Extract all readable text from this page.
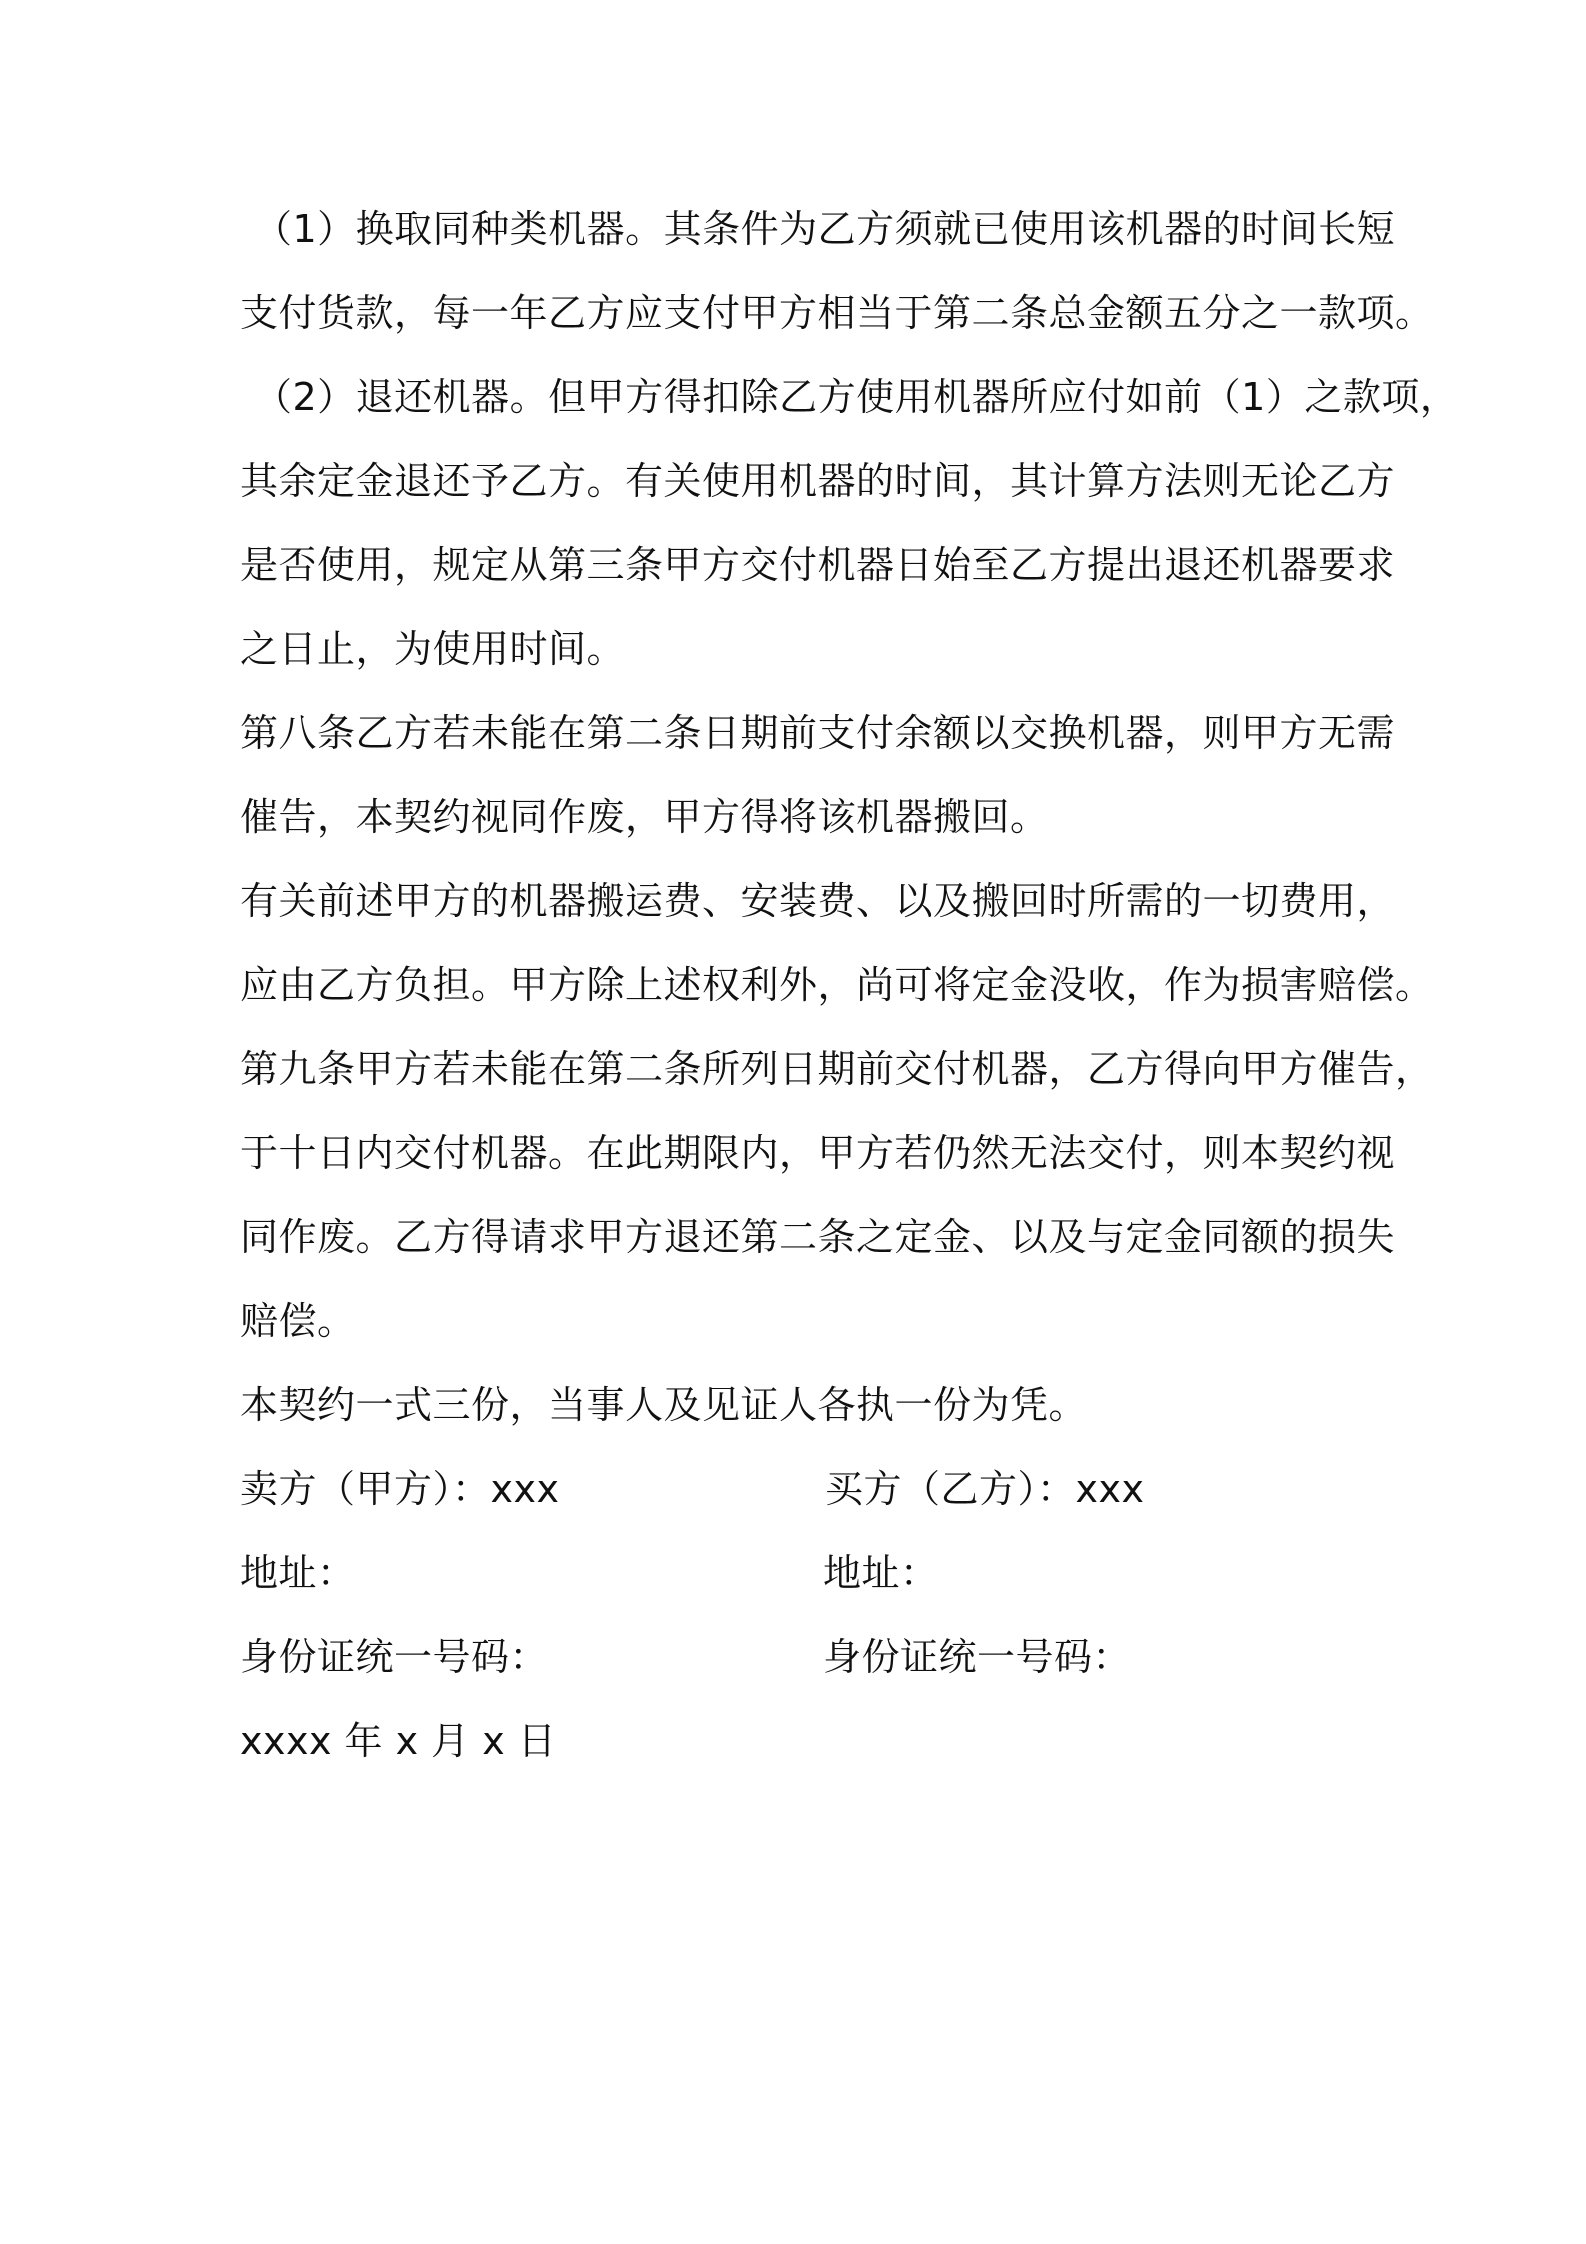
（1）换取同种类机器。其条件为乙方须就已使用该机器的时间长短
支付货款，每一年乙方应支付甲方相当于第二条总金额五分之一款项。
（2）退还机器。但甲方得扣除乙方使用机器所应付如前（1）之款项，
其余定金退还予乙方。有关使用机器的时间，其计算方法则无论乙方
是否使用，规定从第三条甲方交付机器日始至乙方提出退还机器要求
之日止，为使用时间。
第八条乙方若未能在第二条日期前支付余额以交换机器，则甲方无需
催告，本契约视同作废，甲方得将该机器搬回。
有关前述甲方的机器搬运费、安装费、以及搬回时所需的一切费用，
应由乙方负担。甲方除上述权利外，尚可将定金没收，作为损害赔偿。
第九条甲方若未能在第二条所列日期前交付机器，乙方得向甲方催告，
于十日内交付机器。在此期限内，甲方若仍然无法交付，则本契约视
同作废。乙方得请求甲方退还第二条之定金、以及与定金同额的损失
赔偿。
本契约一式三份，当事人及见证人各执一份为凭。
卖方（甲方）：xxx	买方（乙方）：xxx
地址：	地址：
身份证统一号码：	身份证统一号码：
xxxx 年 x 月 x 日
